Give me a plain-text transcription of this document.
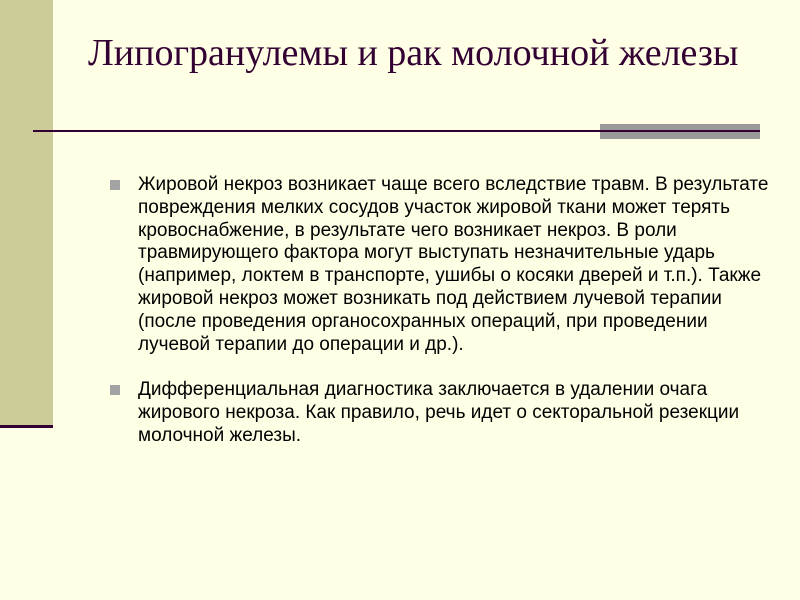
Липогранулемы и рак молочной железы
Жировой некроз возникает чаще всего вследствие травм. В результате повреждения мелких сосудов участок жировой ткани может терять кровоснабжение, в результате чего возникает некроз. В роли травмирующего фактора могут выступать незначительные ударь (например, локтем в транспорте, ушибы о косяки дверей и т.п.). Также жировой некроз может возникать под действием лучевой терапии (после проведения органосохранных операций, при проведении лучевой терапии до операции и др.).
Дифференциальная диагностика заключается в удалении очага жирового некроза. Как правило, речь идет о секторальной резекции молочной железы.
